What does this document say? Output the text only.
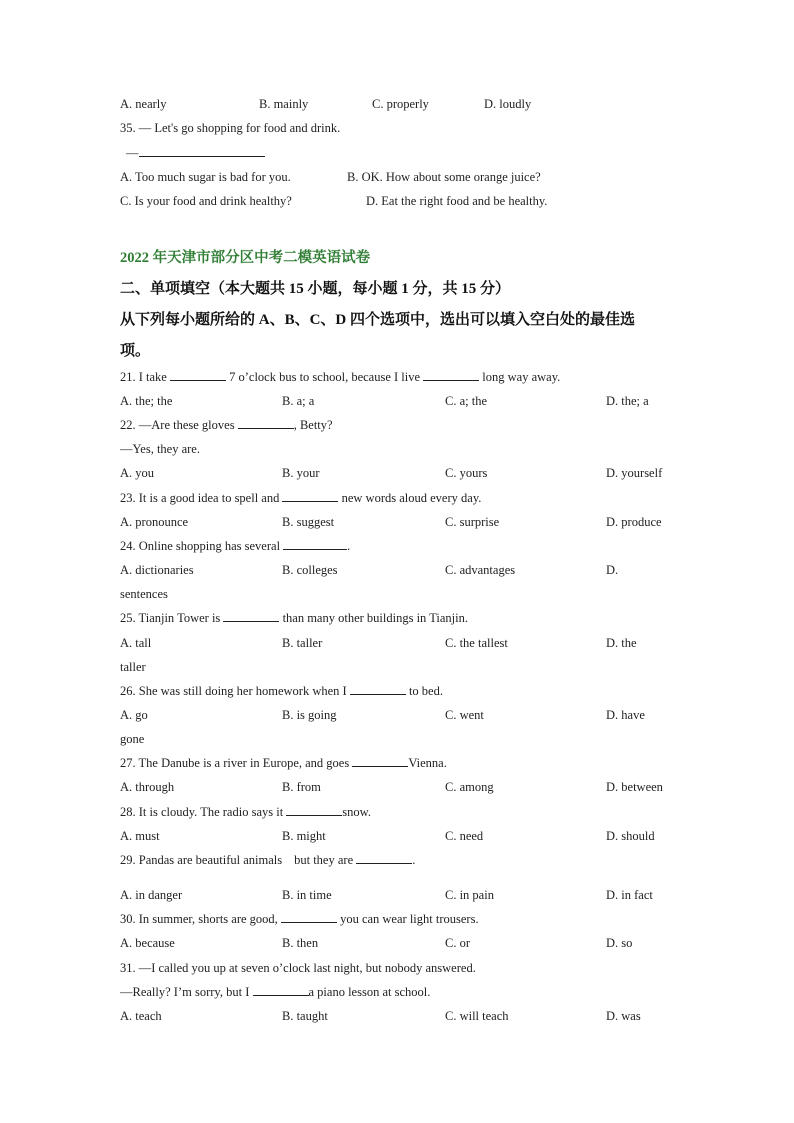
A. nearly	B. mainly	C. properly	D. loudly
35. — Let's go shopping for food and drink.
—
A. Too much sugar is bad for you.	B. OK. How about some orange juice?
C. Is your food and drink healthy?	D. Eat the right food and be healthy.
2022 年天津市部分区中考二模英语试卷
二、单项填空（本大题共 15 小题，每小题 1 分，共 15 分）
从下列每小题所给的 A、B、C、D 四个选项中，选出可以填入空白处的最佳选
项。
21. I take	7 o’clock bus to school, because I live	long way away.
A. the; the	B. a; a	C. a; the	D. the; a
22. —Are these gloves	, Betty?
—Yes, they are.
A. you	B. your	C. yours	D. yourself
23. It is a good idea to spell and	new words aloud every day.
A. pronounce	B. suggest	C. surprise	D. produce
24. Online shopping has several	.
A. dictionaries	B. colleges	C. advantages	D.
sentences
25. Tianjin Tower is	than many other buildings in Tianjin.
A. tall	B. taller	C. the tallest	D. the
taller
26. She was still doing her homework when I	to bed.
A. go	B. is going	C. went	D. have
gone
27. The Danube is a river in Europe, and goes	Vienna.
A. through	B. from	C. among	D. between
28. It is cloudy. The radio says it	snow.
A. must	B. might	C. need	D. should
29. Pandas are beautiful animals but they are	.
A. in danger	B. in time	C. in pain	D. in fact
30. In summer, shorts are good,	you can wear light trousers.
A. because	B. then	C. or	D. so
31. —I called you up at seven o’clock last night, but nobody answered.
—Really? I’m sorry, but I	a piano lesson at school.
A. teach	B. taught	C. will teach	D. was
